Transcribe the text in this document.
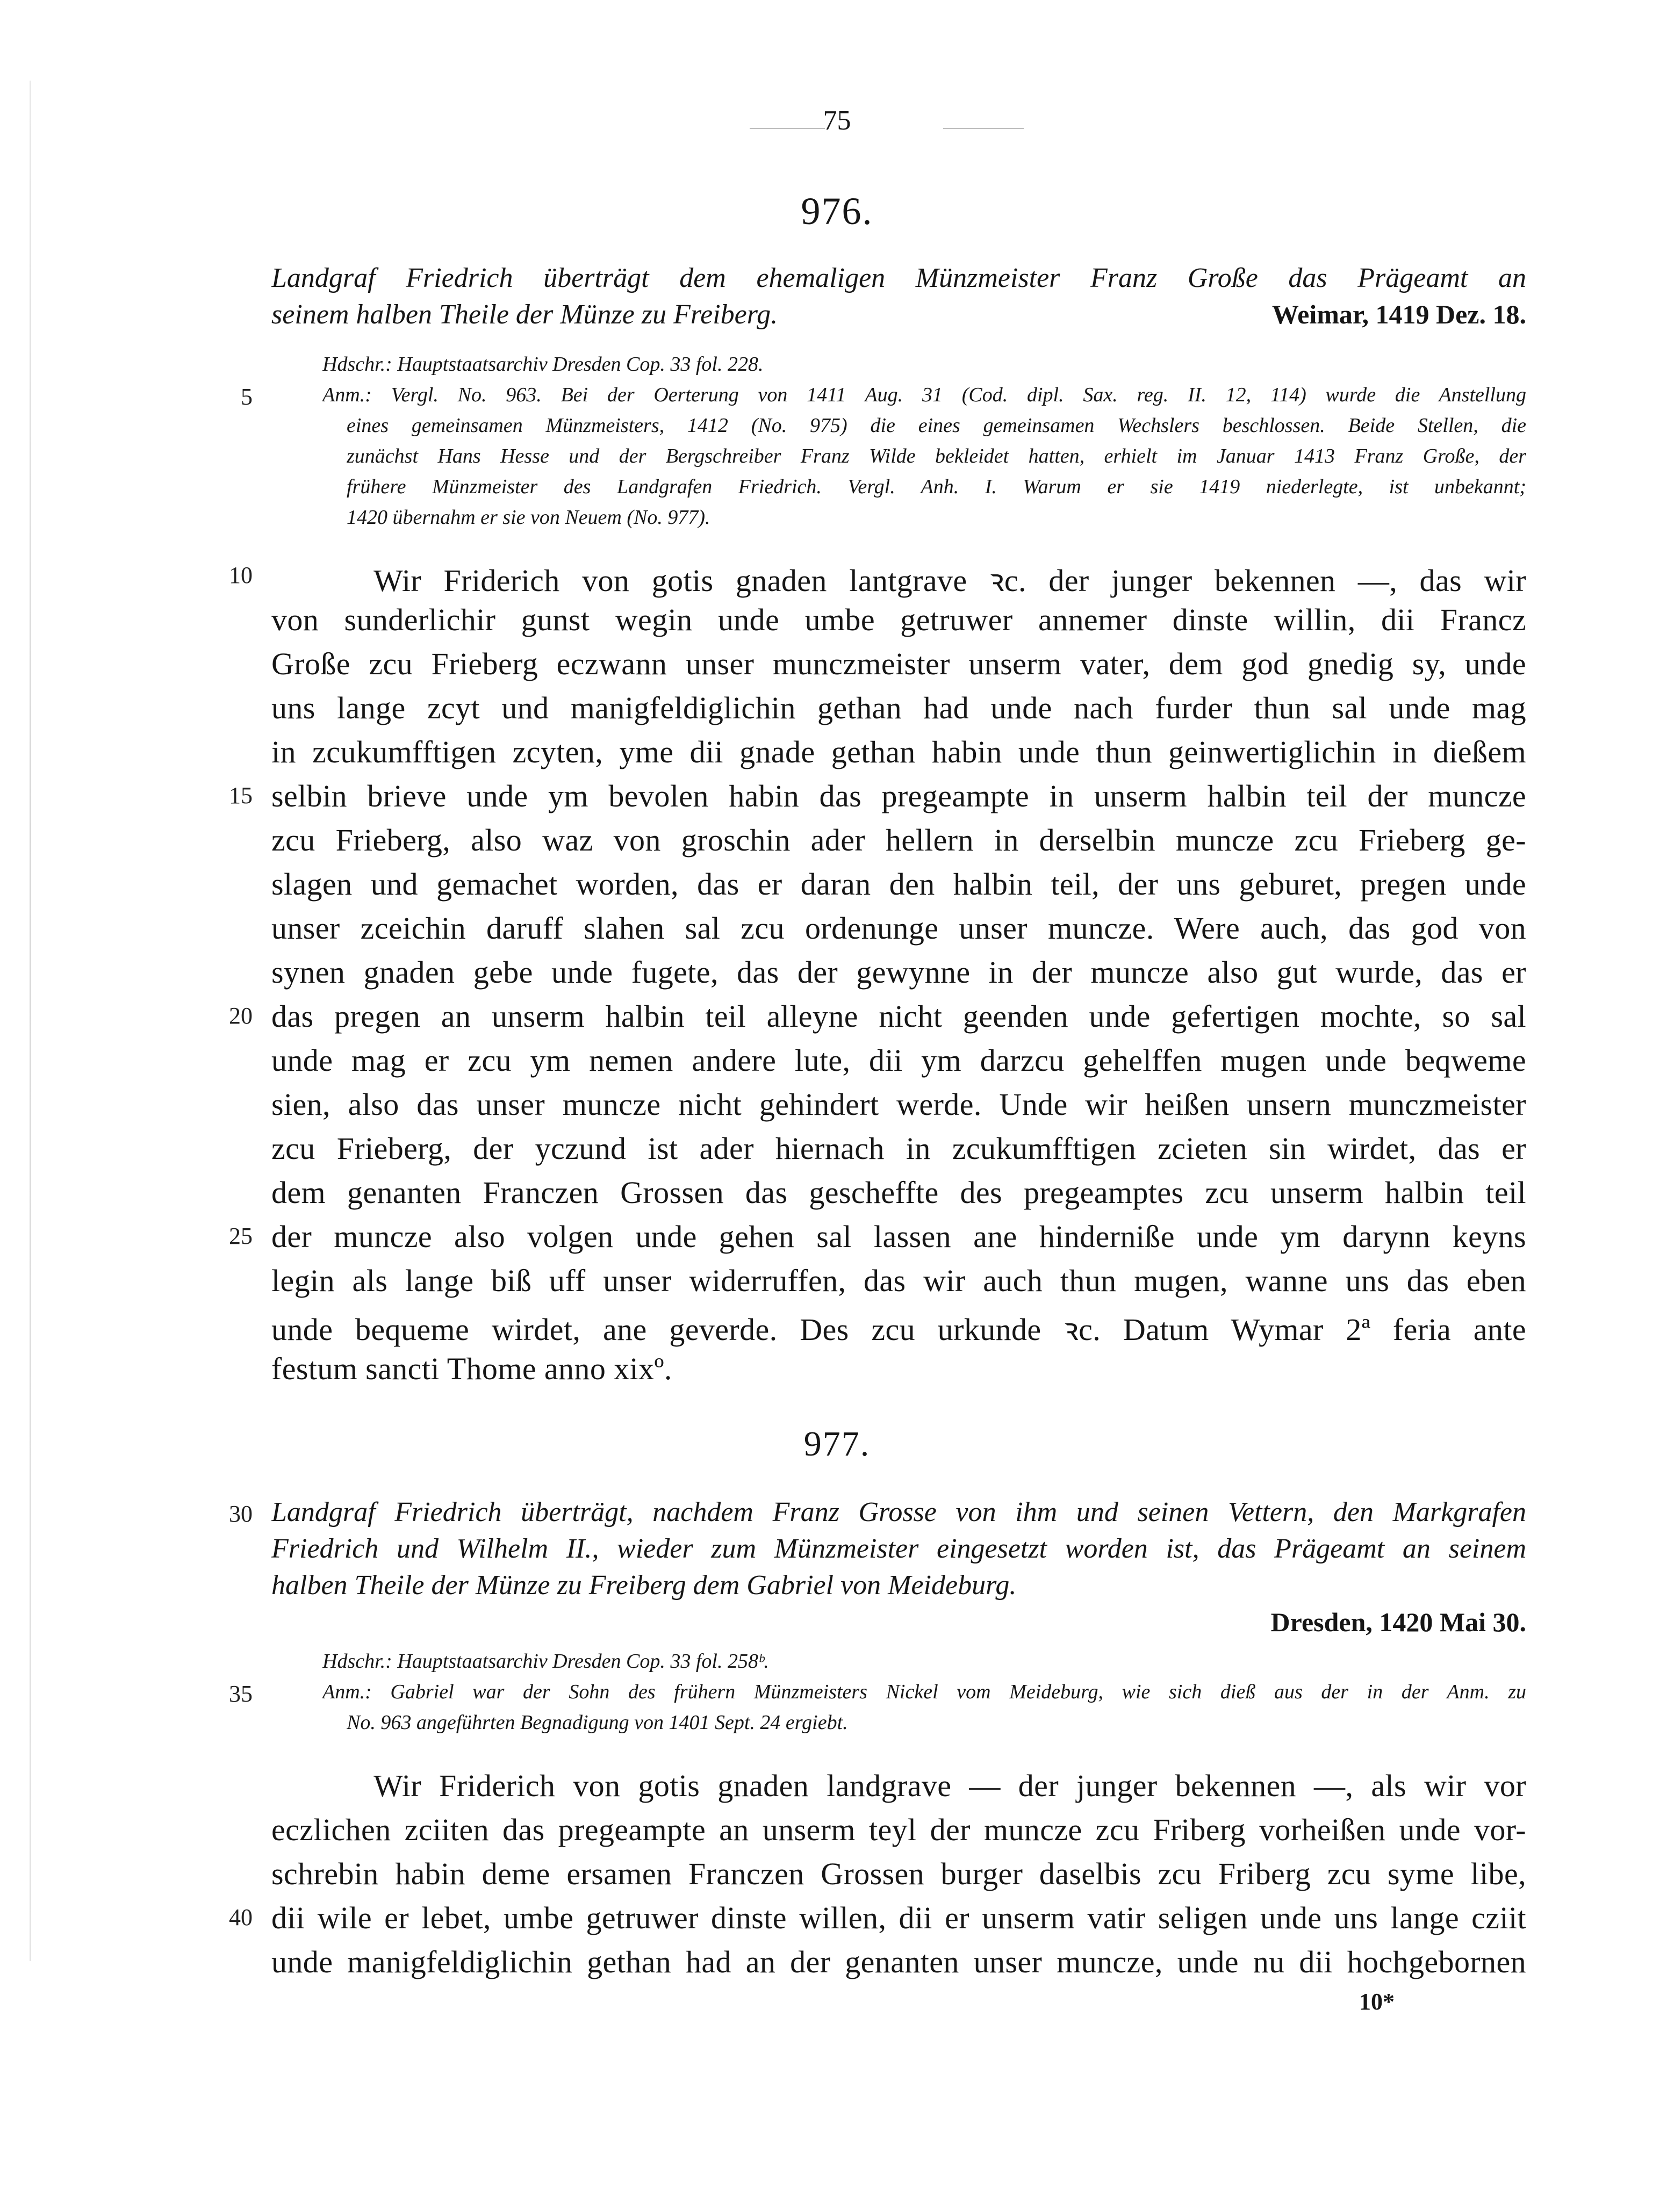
75
976.
Landgraf Friedrich überträgt dem ehemaligen Münzmeister Franz Große das Prägeamt an
seinem halben Theile der Münze zu Freiberg.	Weimar, 1419 Dez. 18.
Hdschr.: Hauptstaatsarchiv Dresden Cop. 33 fol. 228.
5	Anm.: Vergl. No. 963. Bei der Oerterung von 1411 Aug. 31 (Cod. dipl. Sax. reg. II. 12, 114) wurde die Anstellung
eines gemeinsamen Münzmeisters, 1412 (No. 975) die eines gemeinsamen Wechslers beschlossen. Beide Stellen, die
zunächst Hans Hesse und der Bergschreiber Franz Wilde bekleidet hatten, erhielt im Januar 1413 Franz Große, der
frühere Münzmeister des Landgrafen Friedrich. Vergl. Anh. I. Warum er sie 1419 niederlegte, ist unbekannt;
1420 übernahm er sie von Neuem (No. 977).
10	Wir Friderich von gotis gnaden lantgrave ꝛc. der junger bekennen —, das wir
von sunderlichir gunst wegin unde umbe getruwer annemer dinste willin, dii Francz
Große zcu Frieberg eczwann unser munczmeister unserm vater, dem god gnedig sy, unde
uns lange zcyt und manigfeldiglichin gethan had unde nach furder thun sal unde mag
in zcukumfftigen zcyten, yme dii gnade gethan habin unde thun geinwertiglichin in dießem
15 selbin brieve unde ym bevolen habin das pregeampte in unserm halbin teil der muncze
zcu Frieberg, also waz von groschin ader hellern in derselbin muncze zcu Frieberg ge-
slagen und gemachet worden, das er daran den halbin teil, der uns geburet, pregen unde
unser zceichin daruff slahen sal zcu ordenunge unser muncze. Were auch, das god von
synen gnaden gebe unde fugete, das der gewynne in der muncze also gut wurde, das er
20 das pregen an unserm halbin teil alleyne nicht geenden unde gefertigen mochte, so sal
unde mag er zcu ym nemen andere lute, dii ym darzcu gehelffen mugen unde beqweme
sien, also das unser muncze nicht gehindert werde. Unde wir heißen unsern munczmeister
zcu Frieberg, der yczund ist ader hiernach in zcukumfftigen zcieten sin wirdet, das er
dem genanten Franczen Grossen das gescheffte des pregeamptes zcu unserm halbin teil
25 der muncze also volgen unde gehen sal lassen ane hinderniße unde ym darynn keyns
legin als lange biß uff unser widerruffen, das wir auch thun mugen, wanne uns das eben
unde bequeme wirdet, ane geverde. Des zcu urkunde ꝛc. Datum Wymar 2ª feria ante
festum sancti Thome anno xixº.
977.
30 Landgraf Friedrich überträgt, nachdem Franz Grosse von ihm und seinen Vettern, den Markgrafen
Friedrich und Wilhelm II., wieder zum Münzmeister eingesetzt worden ist, das Prägeamt an seinem
halben Theile der Münze zu Freiberg dem Gabriel von Meideburg.
Dresden, 1420 Mai 30.
Hdschr.: Hauptstaatsarchiv Dresden Cop. 33 fol. 258ᵇ.
35	Anm.: Gabriel war der Sohn des frühern Münzmeisters Nickel vom Meideburg, wie sich dieß aus der in der Anm. zu
No. 963 angeführten Begnadigung von 1401 Sept. 24 ergiebt.
Wir Friderich von gotis gnaden landgrave — der junger bekennen —, als wir vor
eczlichen zciiten das pregeampte an unserm teyl der muncze zcu Friberg vorheißen unde vor-
schrebin habin deme ersamen Franczen Grossen burger daselbis zcu Friberg zcu syme libe,
40 dii wile er lebet, umbe getruwer dinste willen, dii er unserm vatir seligen unde uns lange cziit
unde manigfeldiglichin gethan had an der genanten unser muncze, unde nu dii hochgebornen
10*
